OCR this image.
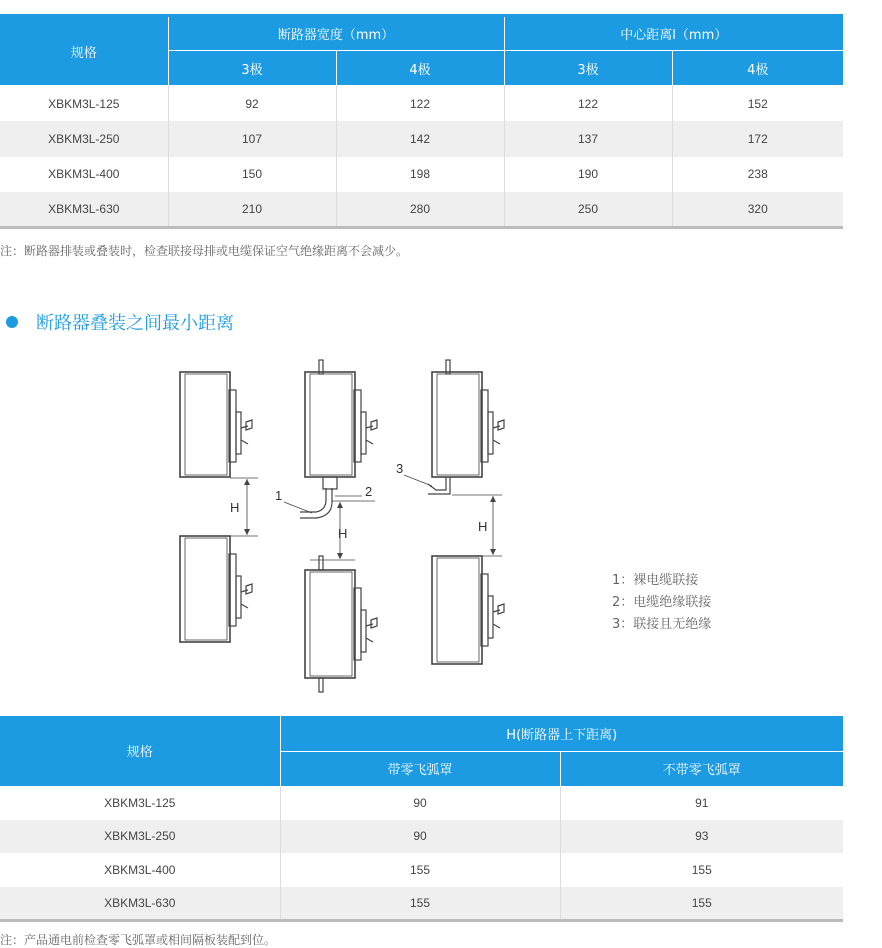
规格	断路器宽度（mm）		中心距离l（mm）	
	3极	4极	3极	4极
XBKM3L-125	92	122	122	152
XBKM3L-250	107	142	137	172
XBKM3L-400	150	198	190	238
XBKM3L-630	210	280	250	320
注：断路器排装或叠装时，检查联接母排或电缆保证空气绝缘距离不会减少。
断路器叠装之间最小距离
H
H
1	2
H
3
1：裸电缆联接
2：电缆绝缘联接
3：联接且无绝缘
规格	H(断路器上下距离)	
	带零飞弧罩	不带零飞弧罩
XBKM3L-125	90	91
XBKM3L-250	90	93
XBKM3L-400	155	155
XBKM3L-630	155	155
注：产品通电前检查零飞弧罩或相间隔板装配到位。
